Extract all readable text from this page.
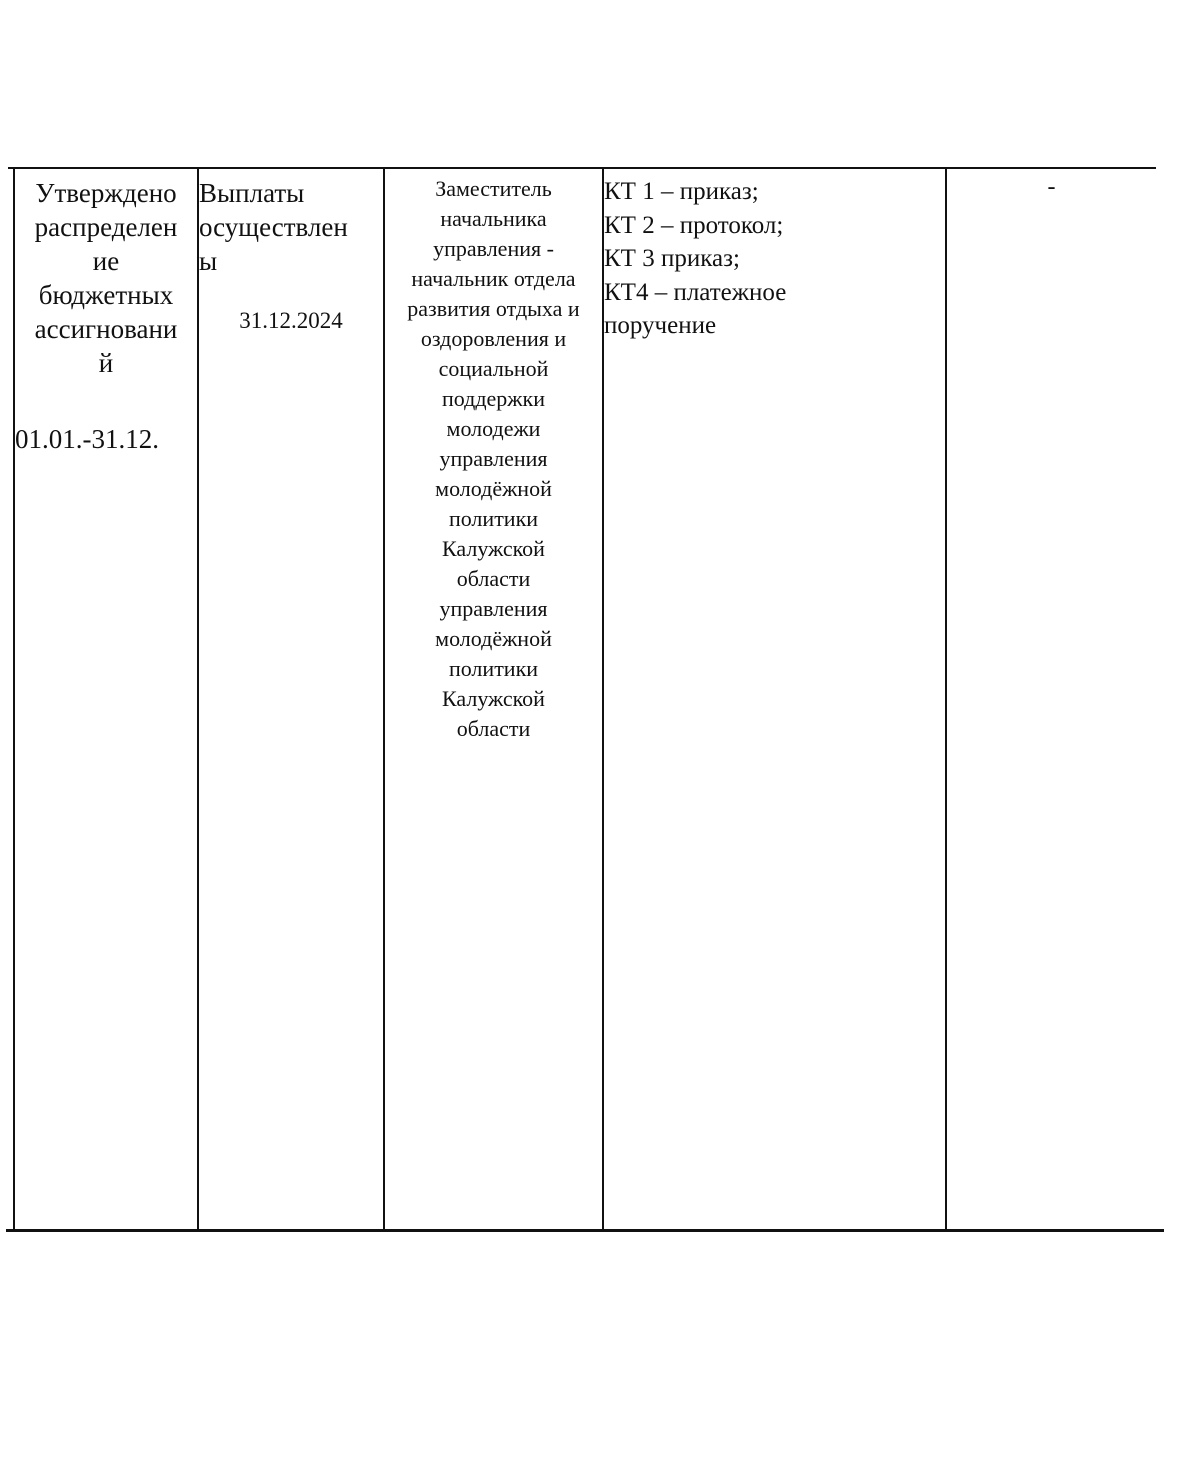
Утверждено
распределен
ие
бюджетных
ассигновани
й
01.01.-31.12.
Выплаты
осуществлен
ы
31.12.2024
Заместитель
начальника
управления -
начальник отдела
развития отдыха и
оздоровления и
социальной
поддержки
молодежи
управления
молодёжной
политики
Калужской
области
управления
молодёжной
политики
Калужской
области
КТ 1 – приказ;
КТ 2 – протокол;
КТ 3 приказ;
КТ4 – платежное
поручение
-
